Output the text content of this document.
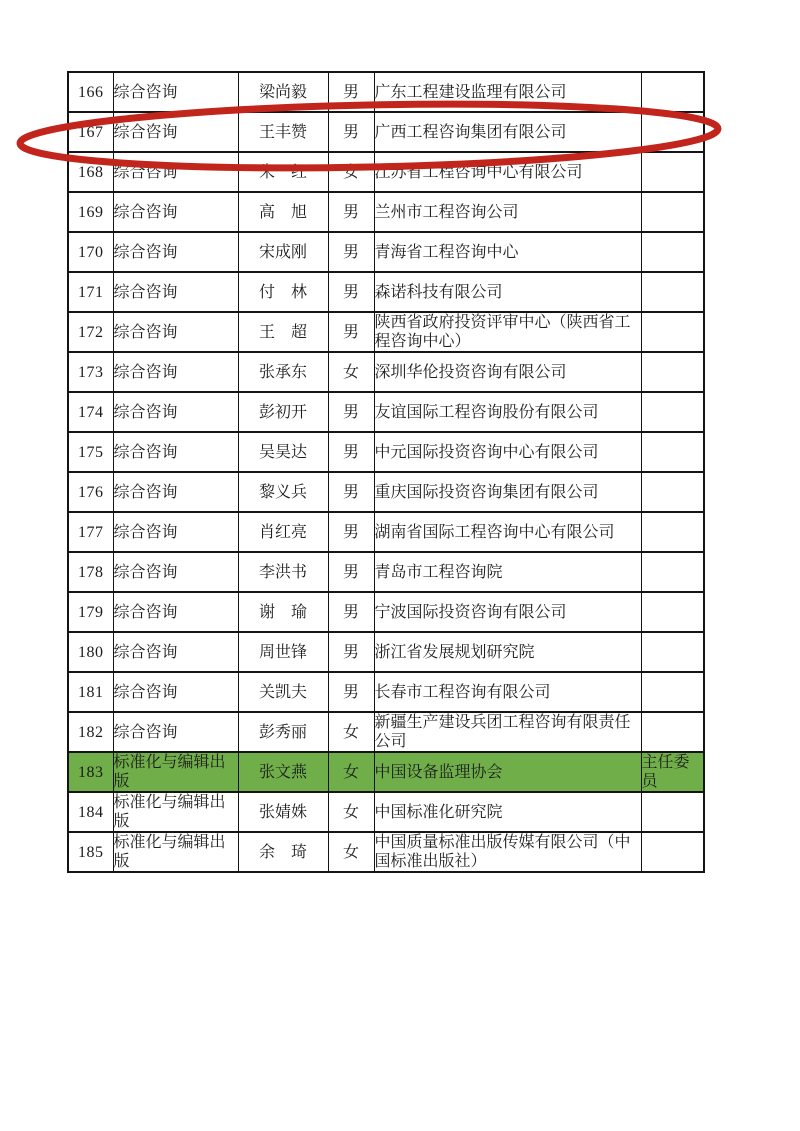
166	综合咨询	梁尚毅	男	广东工程建设监理有限公司	
167	综合咨询	王丰赞	男	广西工程咨询集团有限公司	
168	综合咨询	朱　红	女	江苏省工程咨询中心有限公司	
169	综合咨询	高　旭	男	兰州市工程咨询公司	
170	综合咨询	宋成刚	男	青海省工程咨询中心	
171	综合咨询	付　林	男	森诺科技有限公司	
172	综合咨询	王　超	男	陕西省政府投资评审中心（陕西省工程咨询中心）	
173	综合咨询	张承东	女	深圳华伦投资咨询有限公司	
174	综合咨询	彭初开	男	友谊国际工程咨询股份有限公司	
175	综合咨询	吴昊达	男	中元国际投资咨询中心有限公司	
176	综合咨询	黎义兵	男	重庆国际投资咨询集团有限公司	
177	综合咨询	肖红亮	男	湖南省国际工程咨询中心有限公司	
178	综合咨询	李洪书	男	青岛市工程咨询院	
179	综合咨询	谢　瑜	男	宁波国际投资咨询有限公司	
180	综合咨询	周世锋	男	浙江省发展规划研究院	
181	综合咨询	关凯夫	男	长春市工程咨询有限公司	
182	综合咨询	彭秀丽	女	新疆生产建设兵团工程咨询有限责任公司	
183	标准化与编辑出版	张文燕	女	中国设备监理协会	主任委员
184	标准化与编辑出版	张婧姝	女	中国标准化研究院	
185	标准化与编辑出版	余　琦	女	中国质量标准出版传媒有限公司（中国标准出版社）	
